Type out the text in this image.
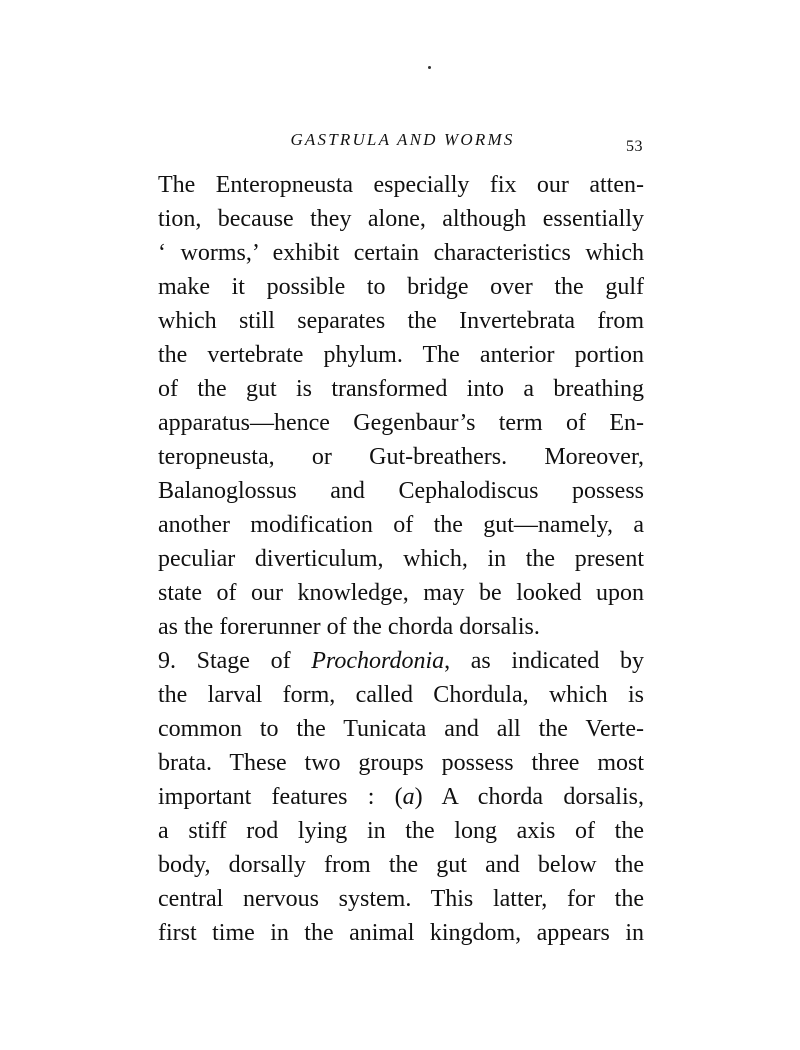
GASTRULA AND WORMS	53
The Enteropneusta especially fix our atten-
tion, because they alone, although essentially
‘ worms,’ exhibit certain characteristics which
make it possible to bridge over the gulf
which still separates the Invertebrata from
the vertebrate phylum. The anterior portion
of the gut is transformed into a breathing
apparatus—hence Gegenbaur’s term of En-
teropneusta, or Gut-breathers. Moreover,
Balanoglossus and Cephalodiscus possess
another modification of the gut—namely, a
peculiar diverticulum, which, in the present
state of our knowledge, may be looked upon
as the forerunner of the chorda dorsalis.
9. Stage of Prochordonia, as indicated by
the larval form, called Chordula, which is
common to the Tunicata and all the Verte-
brata. These two groups possess three most
important features : (a) A chorda dorsalis,
a stiff rod lying in the long axis of the
body, dorsally from the gut and below the
central nervous system. This latter, for the
first time in the animal kingdom, appears in
